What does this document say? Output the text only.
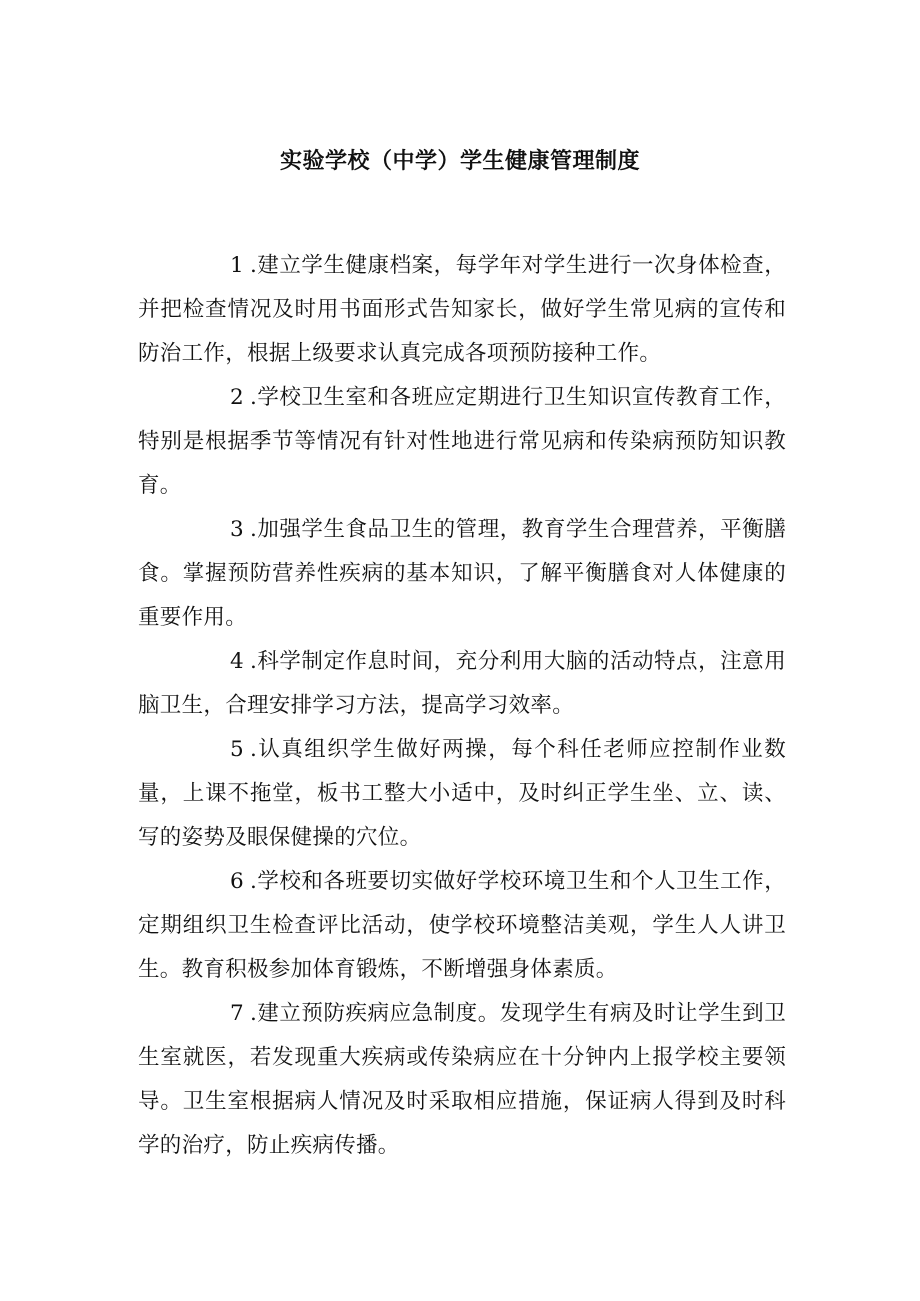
实验学校（中学）学生健康管理制度

1 .建立学生健康档案，每学年对学生进行一次身体检查，并把检查情况及时用书面形式告知家长，做好学生常见病的宣传和防治工作，根据上级要求认真完成各项预防接种工作。

2 .学校卫生室和各班应定期进行卫生知识宣传教育工作，特别是根据季节等情况有针对性地进行常见病和传染病预防知识教育。

3 .加强学生食品卫生的管理，教育学生合理营养，平衡膳食。掌握预防营养性疾病的基本知识，了解平衡膳食对人体健康的重要作用。

4 .科学制定作息时间，充分利用大脑的活动特点，注意用脑卫生，合理安排学习方法，提高学习效率。

5 .认真组织学生做好两操，每个科任老师应控制作业数量，上课不拖堂，板书工整大小适中，及时纠正学生坐、立、读、写的姿势及眼保健操的穴位。

6 .学校和各班要切实做好学校环境卫生和个人卫生工作，定期组织卫生检查评比活动，使学校环境整洁美观，学生人人讲卫生。教育积极参加体育锻炼，不断增强身体素质。

7 .建立预防疾病应急制度。发现学生有病及时让学生到卫生室就医，若发现重大疾病或传染病应在十分钟内上报学校主要领导。卫生室根据病人情况及时采取相应措施，保证病人得到及时科学的治疗，防止疾病传播。
